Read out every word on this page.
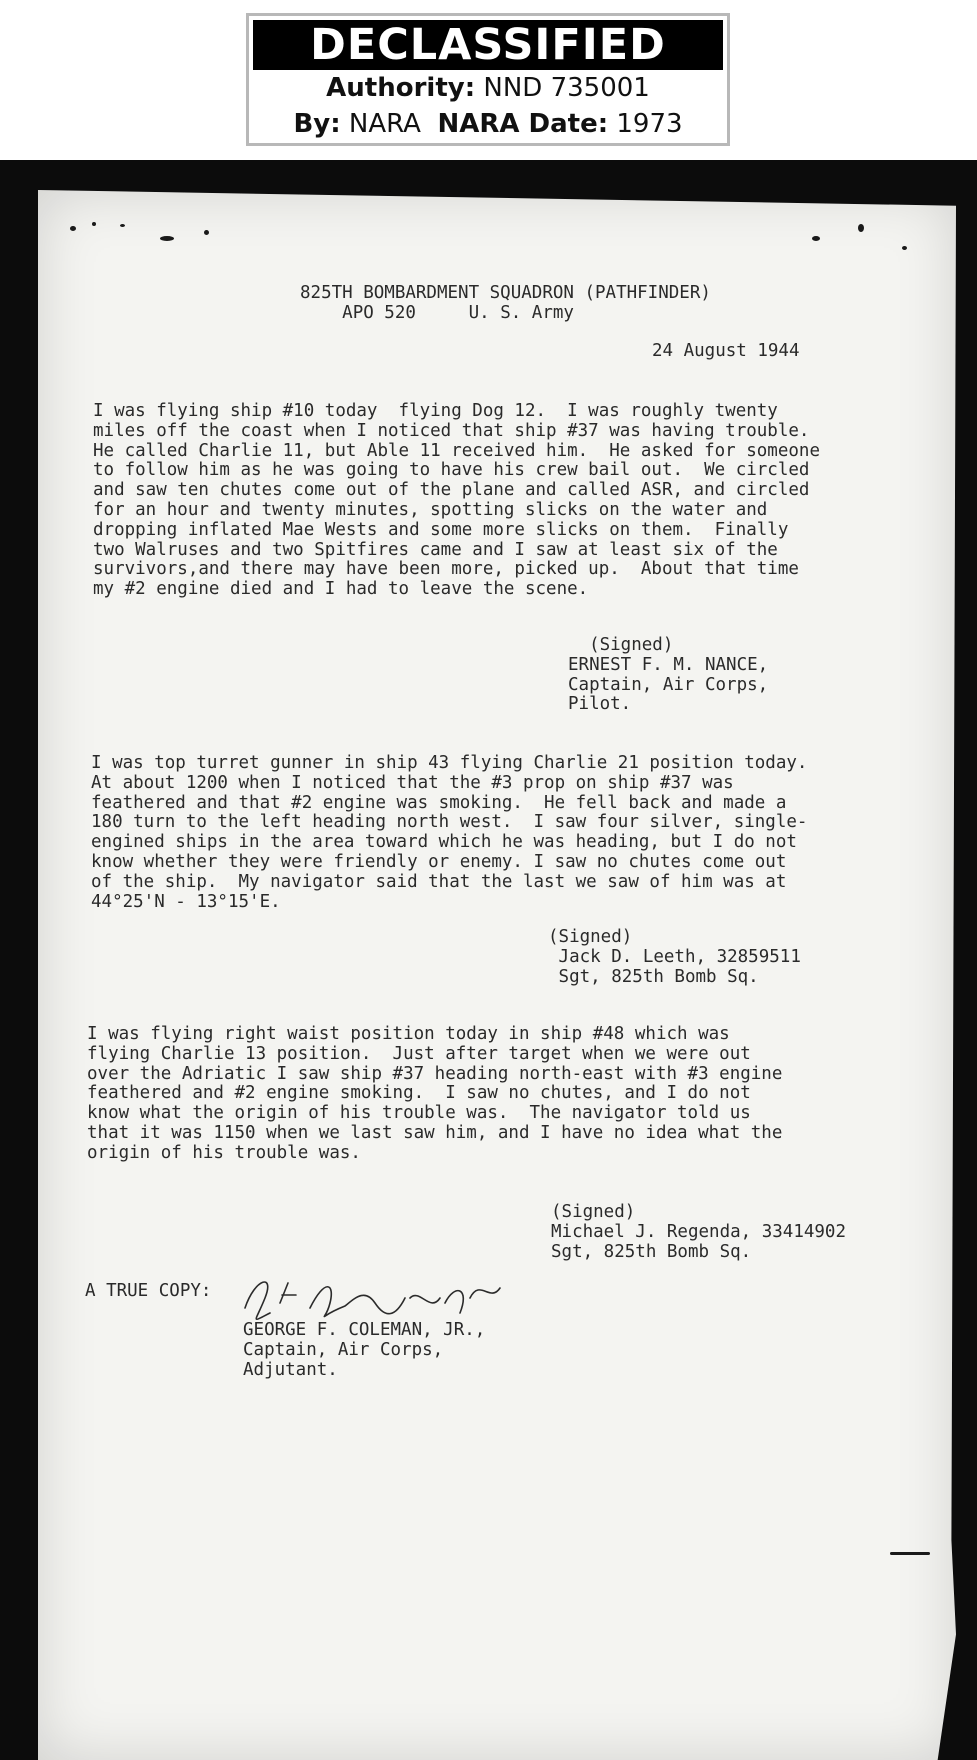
DECLASSIFIED
Authority: NND 735001
By: NARA NARA Date: 1973
825TH BOMBARDMENT SQUADRON (PATHFINDER)
APO 520     U. S. Army
24 August 1944
I was flying ship #10 today  flying Dog 12.  I was roughly twenty
miles off the coast when I noticed that ship #37 was having trouble.
He called Charlie 11, but Able 11 received him.  He asked for someone
to follow him as he was going to have his crew bail out.  We circled
and saw ten chutes come out of the plane and called ASR, and circled
for an hour and twenty minutes, spotting slicks on the water and
dropping inflated Mae Wests and some more slicks on them.  Finally
two Walruses and two Spitfires came and I saw at least six of the
survivors,and there may have been more, picked up.  About that time
my #2 engine died and I had to leave the scene.
(Signed)
ERNEST F. M. NANCE,
Captain, Air Corps,
Pilot.
I was top turret gunner in ship 43 flying Charlie 21 position today.
At about 1200 when I noticed that the #3 prop on ship #37 was
feathered and that #2 engine was smoking.  He fell back and made a
180 turn to the left heading north west.  I saw four silver, single-
engined ships in the area toward which he was heading, but I do not
know whether they were friendly or enemy. I saw no chutes come out
of the ship.  My navigator said that the last we saw of him was at
44°25'N - 13°15'E.
(Signed)
Jack D. Leeth, 32859511
Sgt, 825th Bomb Sq.
I was flying right waist position today in ship #48 which was
flying Charlie 13 position.  Just after target when we were out
over the Adriatic I saw ship #37 heading north-east with #3 engine
feathered and #2 engine smoking.  I saw no chutes, and I do not
know what the origin of his trouble was.  The navigator told us
that it was 1150 when we last saw him, and I have no idea what the
origin of his trouble was.
(Signed)
Michael J. Regenda, 33414902
Sgt, 825th Bomb Sq.
A TRUE COPY:
GEORGE F. COLEMAN, JR.,
Captain, Air Corps,
Adjutant.
